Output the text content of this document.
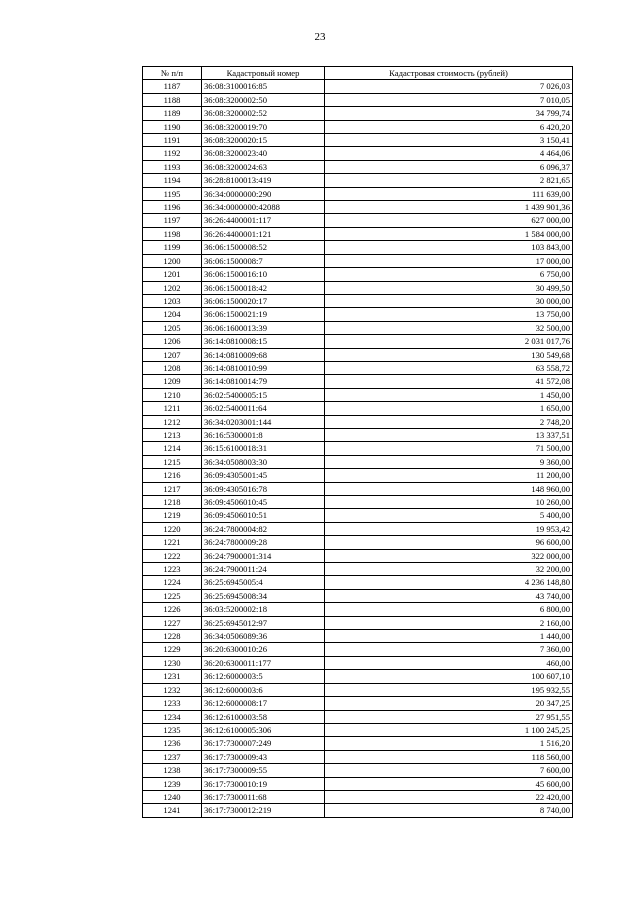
23
№ п/п	Кадастровый номер	Кадастровая стоимость (рублей)
1187	36:08:3100016:85	7 026,03
1188	36:08:3200002:50	7 010,05
1189	36:08:3200002:52	34 799,74
1190	36:08:3200019:70	6 420,20
1191	36:08:3200020:15	3 150,41
1192	36:08:3200023:40	4 464,06
1193	36:08:3200024:63	6 096,37
1194	36:28:8100013:419	2 821,65
1195	36:34:0000000:290	111 639,00
1196	36:34:0000000:42088	1 439 901,36
1197	36:26:4400001:117	627 000,00
1198	36:26:4400001:121	1 584 000,00
1199	36:06:1500008:52	103 843,00
1200	36:06:1500008:7	17 000,00
1201	36:06:1500016:10	6 750,00
1202	36:06:1500018:42	30 499,50
1203	36:06:1500020:17	30 000,00
1204	36:06:1500021:19	13 750,00
1205	36:06:1600013:39	32 500,00
1206	36:14:0810008:15	2 031 017,76
1207	36:14:0810009:68	130 549,68
1208	36:14:0810010:99	63 558,72
1209	36:14:0810014:79	41 572,08
1210	36:02:5400005:15	1 450,00
1211	36:02:5400011:64	1 650,00
1212	36:34:0203001:144	2 748,20
1213	36:16:5300001:8	13 337,51
1214	36:15:6100018:31	71 500,00
1215	36:34:0508003:30	9 360,00
1216	36:09:4305001:45	11 200,00
1217	36:09:4305016:78	148 960,00
1218	36:09:4506010:45	10 260,00
1219	36:09:4506010:51	5 400,00
1220	36:24:7800004:82	19 953,42
1221	36:24:7800009:28	96 600,00
1222	36:24:7900001:314	322 000,00
1223	36:24:7900011:24	32 200,00
1224	36:25:6945005:4	4 236 148,80
1225	36:25:6945008:34	43 740,00
1226	36:03:5200002:18	6 800,00
1227	36:25:6945012:97	2 160,00
1228	36:34:0506089:36	1 440,00
1229	36:20:6300010:26	7 360,00
1230	36:20:6300011:177	460,00
1231	36:12:6000003:5	100 607,10
1232	36:12:6000003:6	195 932,55
1233	36:12:6000008:17	20 347,25
1234	36:12:6100003:58	27 951,55
1235	36:12:6100005:306	1 100 245,25
1236	36:17:7300007:249	1 516,20
1237	36:17:7300009:43	118 560,00
1238	36:17:7300009:55	7 600,00
1239	36:17:7300010:19	45 600,00
1240	36:17:7300011:68	22 420,00
1241	36:17:7300012:219	8 740,00
